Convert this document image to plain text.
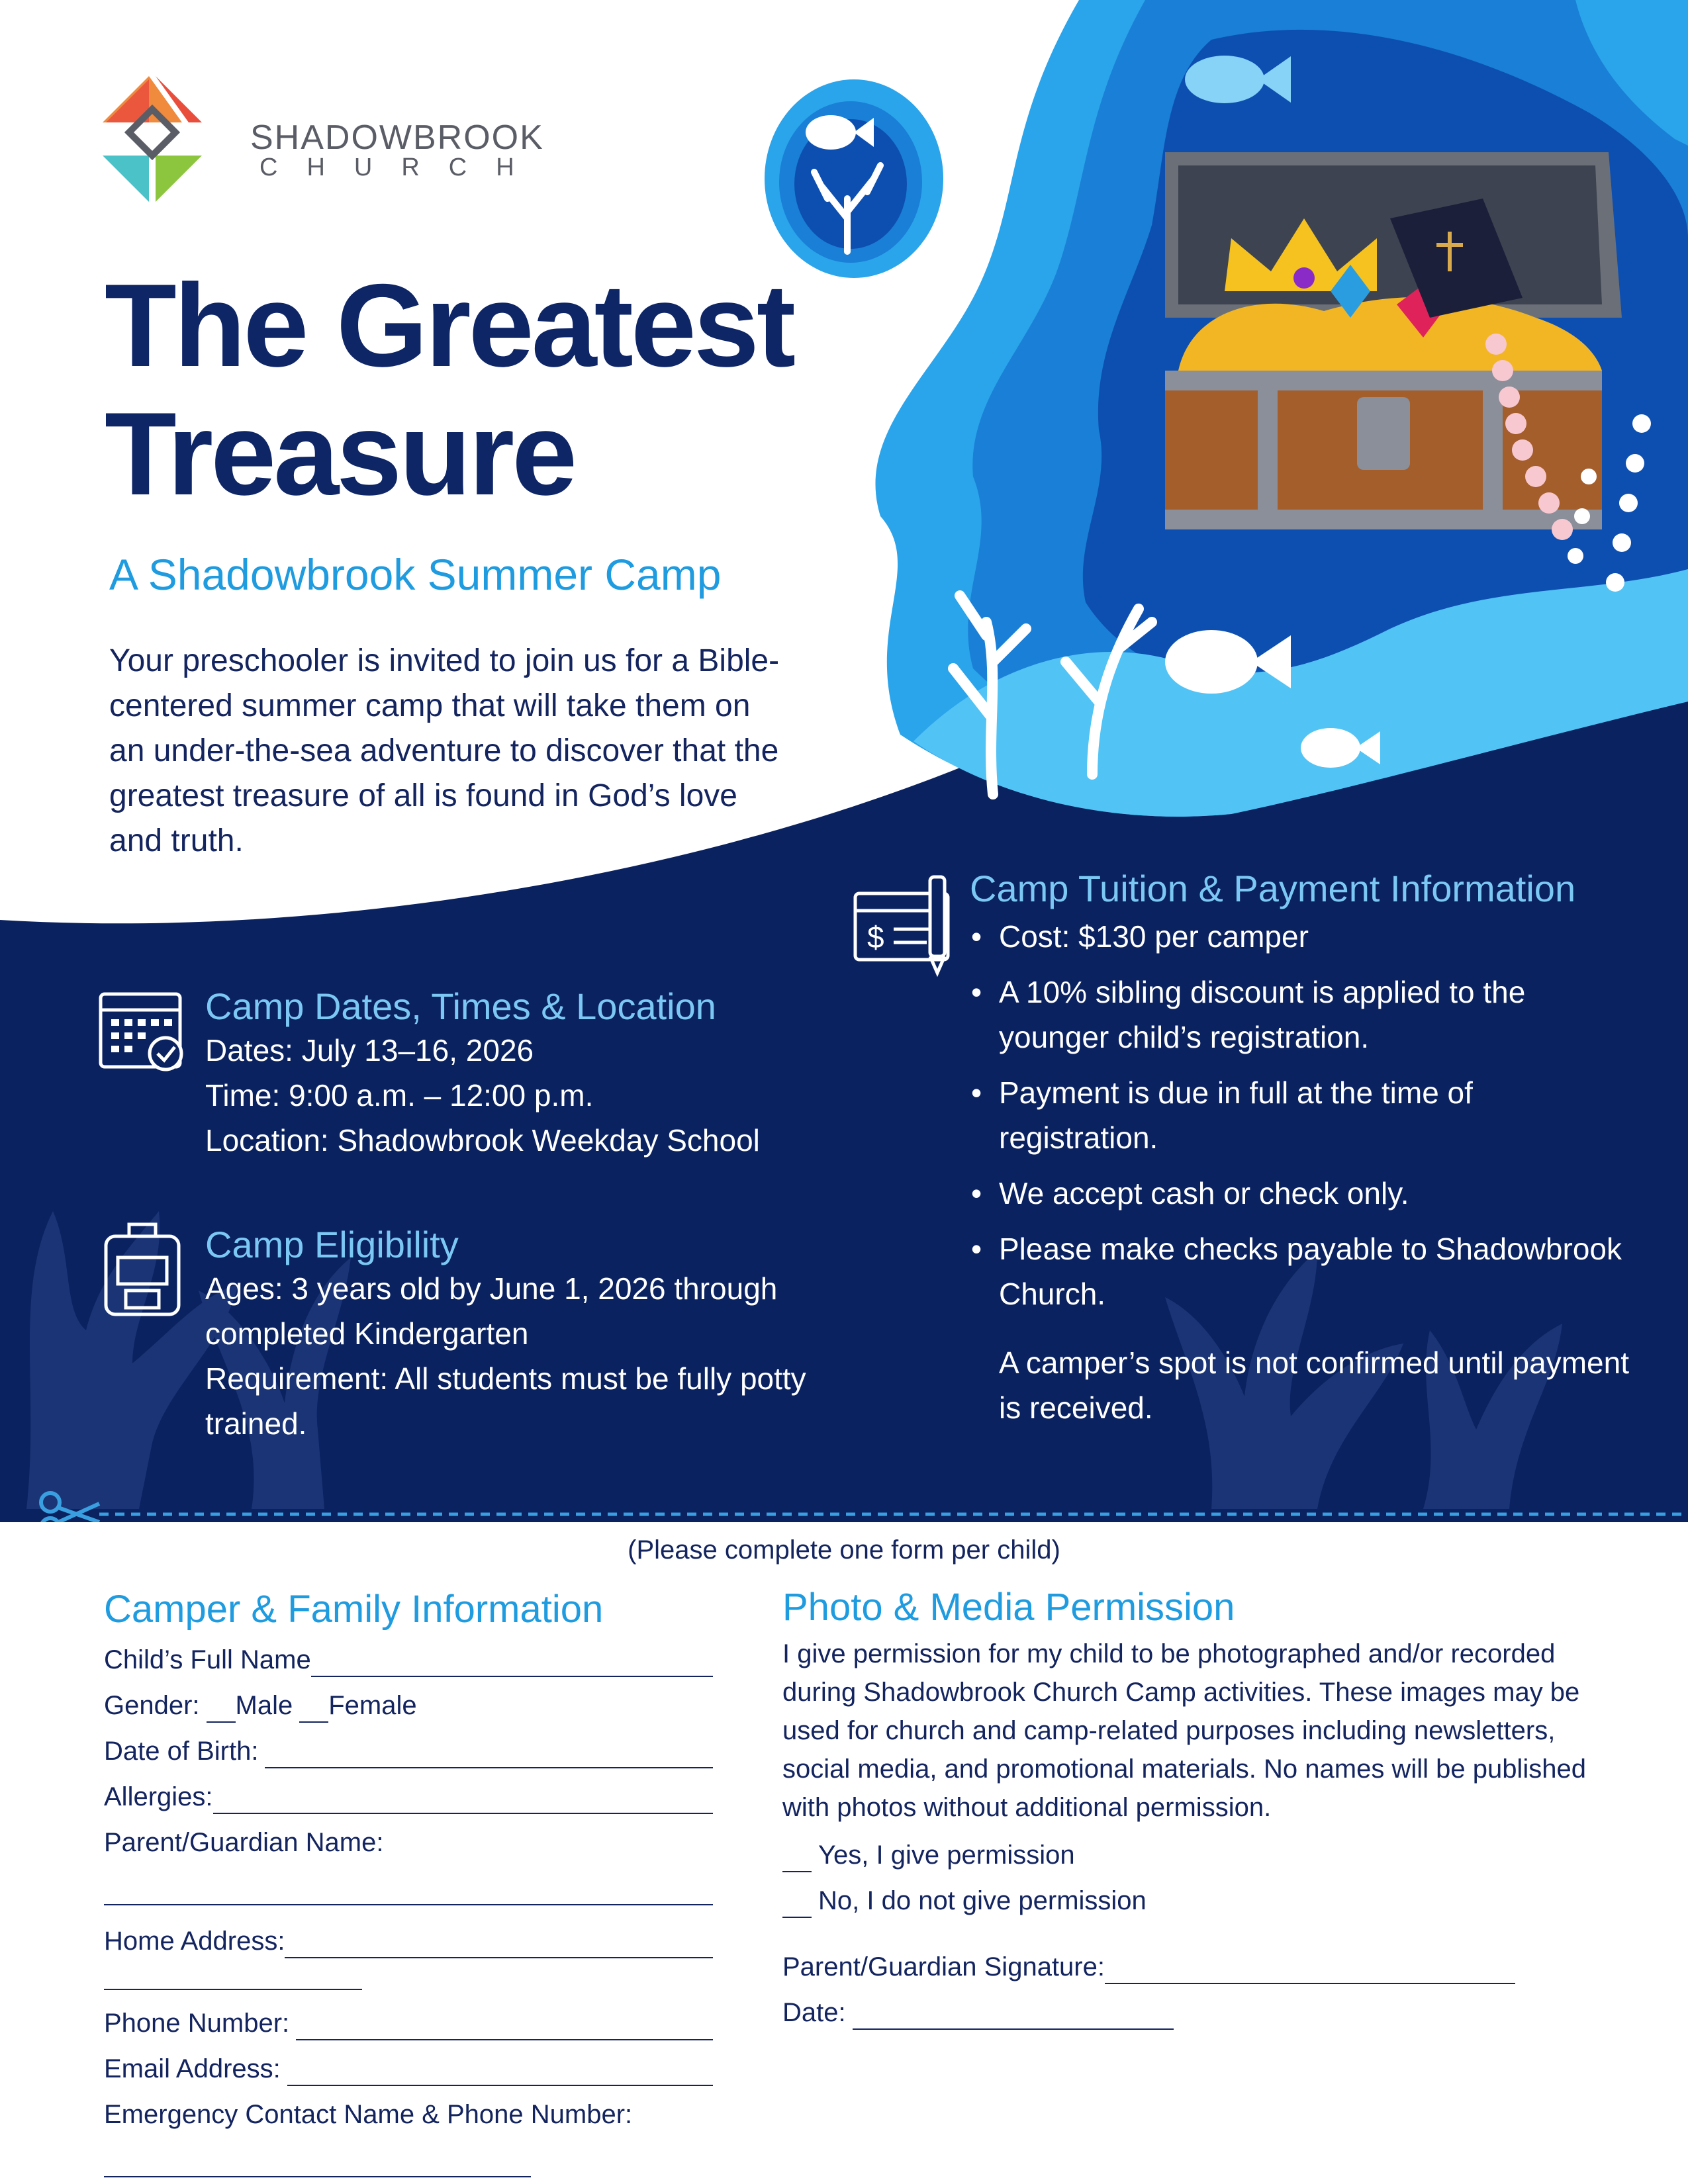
$
SHADOWBROOK
CHURCH
The Greatest
Treasure
A Shadowbrook Summer Camp
Your preschooler is invited to join us for a Bible-centered summer camp that will take them on an under-the-sea adventure to discover that the greatest treasure of all is found in God’s love and truth.
Camp Dates, Times & Location
Dates: July 13–16, 2026
Time: 9:00 a.m. – 12:00 p.m.
Location: Shadowbrook Weekday School
Camp Eligibility
Ages: 3 years old by June 1, 2026 through completed Kindergarten
Requirement: All students must be fully potty trained.
Camp Tuition & Payment Information
• Cost: $130 per camper
• A 10% sibling discount is applied to the younger child’s registration.
• Payment is due in full at the time of registration.
• We accept cash or check only.
• Please make checks payable to Shadowbrook Church.
A camper’s spot is not confirmed until payment is received.
(Please complete one form per child)
Camper & Family Information
Child’s Full Name
Gender: Male Female
Date of Birth:
Allergies:
Parent/Guardian Name:
Home Address:
Phone Number:
Email Address:
Emergency Contact Name & Phone Number:
Photo & Media Permission

I give permission for my child to be photographed and/or recorded during Shadowbrook Church Camp activities. These images may be used for church and camp-related purposes including newsletters, social media, and promotional materials. No names will be published with photos without additional permission.

Yes, I give permission
No, I do not give permission
Parent/Guardian Signature:
Date:
